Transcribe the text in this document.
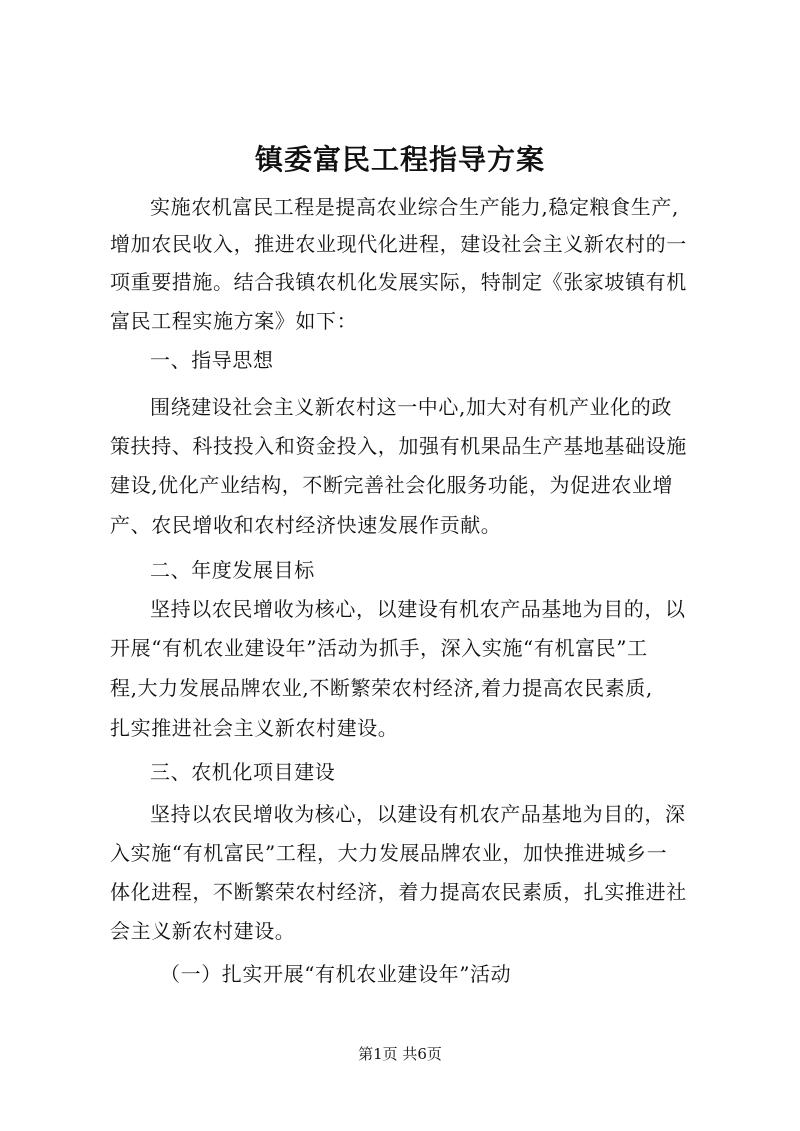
镇委富民工程指导方案
实施农机富民工程是提高农业综合生产能力,稳定粮食生产,
增加农民收入，推进农业现代化进程，建设社会主义新农村的一
项重要措施。结合我镇农机化发展实际，特制定《张家坡镇有机
富民工程实施方案》如下：
一、指导思想
围绕建设社会主义新农村这一中心,加大对有机产业化的政
策扶持、科技投入和资金投入，加强有机果品生产基地基础设施
建设,优化产业结构，不断完善社会化服务功能，为促进农业增
产、农民增收和农村经济快速发展作贡献。
二、年度发展目标
坚持以农民增收为核心，以建设有机农产品基地为目的，以
开展“有机农业建设年”活动为抓手，深入实施“有机富民”工
程,大力发展品牌农业,不断繁荣农村经济,着力提高农民素质,
扎实推进社会主义新农村建设。
三、农机化项目建设
坚持以农民增收为核心，以建设有机农产品基地为目的，深
入实施“有机富民”工程，大力发展品牌农业，加快推进城乡一
体化进程，不断繁荣农村经济，着力提高农民素质，扎实推进社
会主义新农村建设。
（一）扎实开展“有机农业建设年”活动
第1页 共6页
